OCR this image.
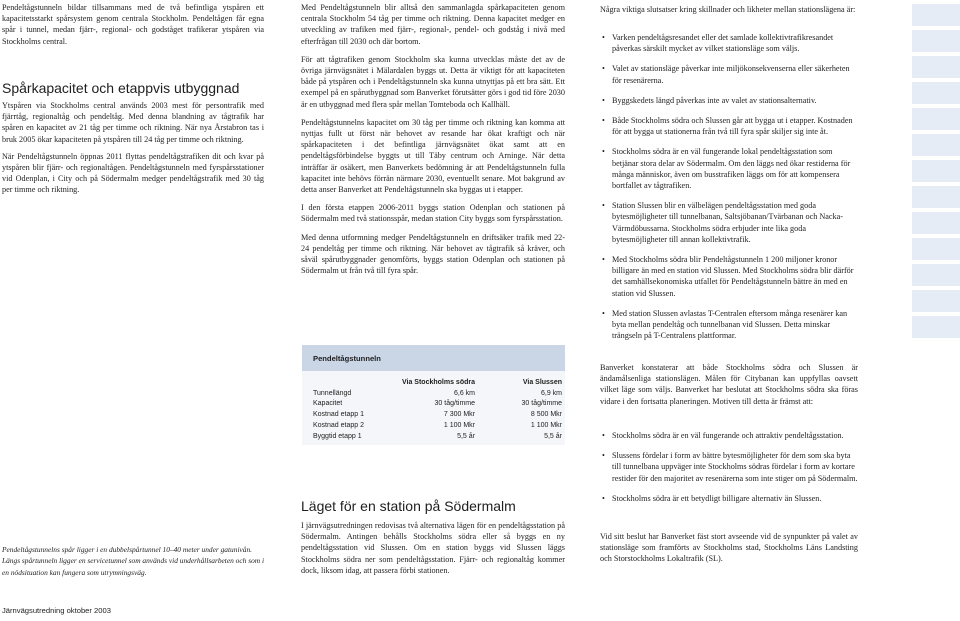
Pendeltågstunneln bildar tillsammans med de två befintliga ytspåren ett kapacitetsstarkt spårsystem genom centrala Stockholm. Pendeltågen får egna spår i tunnel, medan fjärr-, regional- och godståget trafikerar ytspåren via Stockholms central.

Spårkapacitet och etappvis utbyggnad

Ytspåren via Stockholms central används 2003 mest för persontrafik med fjärrtåg, regionaltåg och pendeltåg. Med denna blandning av tågtrafik har spåren en kapacitet av 21 tåg per timme och riktning. När nya Årstabron tas i bruk 2005 ökar kapaciteten på ytspåren till 24 tåg per timme och riktning.

När Pendeltågstunneln öppnas 2011 flyttas pendeltågstrafiken dit och kvar på ytspåren blir fjärr- och regionaltågen. Pendeltågstunneln med fyrspårsstationer vid Odenplan, i City och på Södermalm medger pendeltågstrafik med 30 tåg per timme och riktning.

Pendeltågstunnelns spår ligger i en dubbelspårtunnel 10–40 meter under gatunivån. Längs spårtunneln ligger en servicetunnel som används vid underhållsarbeten och som i en nödsituation kan fungera som utrymningsväg.
Järnvägsutredning oktober 2003

Med Pendeltågstunneln blir alltså den sammanlagda spårkapaciteten genom centrala Stockholm 54 tåg per timme och riktning. Denna kapacitet medger en utveckling av trafiken med fjärr-, regional-, pendel- och godståg i nivå med efterfrågan till 2030 och där bortom.

För att tågtrafiken genom Stockholm ska kunna utvecklas måste det av de övriga järnvägsnätet i Mälardalen byggs ut. Detta är viktigt för att kapaciteten både på ytspåren och i Pendeltågstunneln ska kunna utnyttjas på ett bra sätt. Ett exempel på en spårutbyggnad som Banverket förutsätter görs i god tid före 2030 är en utbyggnad med flera spår mellan Tomteboda och Kallhäll.

Pendeltågstunnelns kapacitet om 30 tåg per timme och riktning kan komma att nyttjas fullt ut först när behovet av resande har ökat kraftigt och när spårkapaciteten i det befintliga järnvägsnätet ökat samt att en pendeltågsförbindelse byggts ut till Täby centrum och Arninge. När detta inträffar är osäkert, men Banverkets bedömning är att Pendeltågstunneln fulla kapacitet inte behövs förrän närmare 2030, eventuellt senare. Mot bakgrund av detta anser Banverket att Pendeltågstunneln ska byggas ut i etapper.

I den första etappen 2006-2011 byggs station Odenplan och stationen på Södermalm med två stationsspår, medan station City byggs som fyrspårsstation.

Med denna utformning medger Pendeltågstunneln en driftsäker trafik med 22-24 pendeltåg per timme och riktning. När behovet av tågtrafik så kräver, och såväl spårutbyggnader genomförts, byggs station Odenplan och stationen på Södermalm ut från två till fyra spår.

Pendeltågstunneln
	Via Stockholms södra	Via Slussen
Tunnellängd	6,6 km	6,9 km
Kapacitet	30 tåg/timme	30 tåg/timme
Kostnad etapp 1	7 300 Mkr	8 500 Mkr
Kostnad etapp 2	1 100 Mkr	1 100 Mkr
Byggtid etapp 1	5,5 år	5,5 år
Läget för en station på Södermalm

I järnvägsutredningen redovisas två alternativa lägen för en pendeltågsstation på Södermalm. Antingen behålls Stockholms södra eller så byggs en ny pendeltågsstation vid Slussen. Om en station byggs vid Slussen läggs Stockholms södra ner som pendeltågsstation. Fjärr- och regionaltåg kommer dock, liksom idag, att passera förbi stationen.

Några viktiga slutsatser kring skillnader och likheter mellan stationslägena är:
• Varken pendeltågsresandet eller det samlade kollektivtrafikresandet påverkas särskilt mycket av vilket stationsläge som väljs.
• Valet av stationsläge påverkar inte miljökonsekvenserna eller säkerheten för resenärerna.
• Byggskedets längd påverkas inte av valet av stationsalternativ.
• Både Stockholms södra och Slussen går att bygga ut i etapper. Kostnaden för att bygga ut stationerna från två till fyra spår skiljer sig inte åt.
• Stockholms södra är en väl fungerande lokal pendeltågsstation som betjänar stora delar av Södermalm. Om den läggs ned ökar restiderna för många människor, även om busstrafiken läggs om för att kompensera bortfallet av tågtrafiken.
• Station Slussen blir en välbelägen pendeltågsstation med goda bytesmöjligheter till tunnelbanan, Saltsjöbanan/Tvärbanan och Nacka-Värmdöbussarna. Stockholms södra erbjuder inte lika goda bytesmöjligheter till annan kollektivtrafik.
• Med Stockholms södra blir Pendeltågstunneln 1 200 miljoner kronor billigare än med en station vid Slussen. Med Stockholms södra blir därför det samhällsekonomiska utfallet för Pendeltågstunneln bättre än med en station vid Slussen.
• Med station Slussen avlastas T-Centralen eftersom många resenärer kan byta mellan pendeltåg och tunnelbanan vid Slussen. Detta minskar trängseln på T-Centralens plattformar.
Banverket konstaterar att både Stockholms södra och Slussen är ändamålsenliga stationslägen. Målen för Citybanan kan uppfyllas oavsett vilket läge som väljs. Banverket har beslutat att Stockholms södra ska föras vidare i den fortsatta planeringen. Motiven till detta är främst att:
• Stockholms södra är en väl fungerande och attraktiv pendeltågsstation.
• Slussens fördelar i form av bättre bytesmöjligheter för dem som ska byta till tunnelbana uppväger inte Stockholms södras fördelar i form av kortare restider för den majoritet av resenärerna som inte stiger om på Södermalm.
• Stockholms södra är ett betydligt billigare alternativ än Slussen.
Vid sitt beslut har Banverket fäst stort avseende vid de synpunkter på valet av stationsläge som framförts av Stockholms stad, Stockholms Läns Landsting och Storstockholms Lokaltrafik (SL).
